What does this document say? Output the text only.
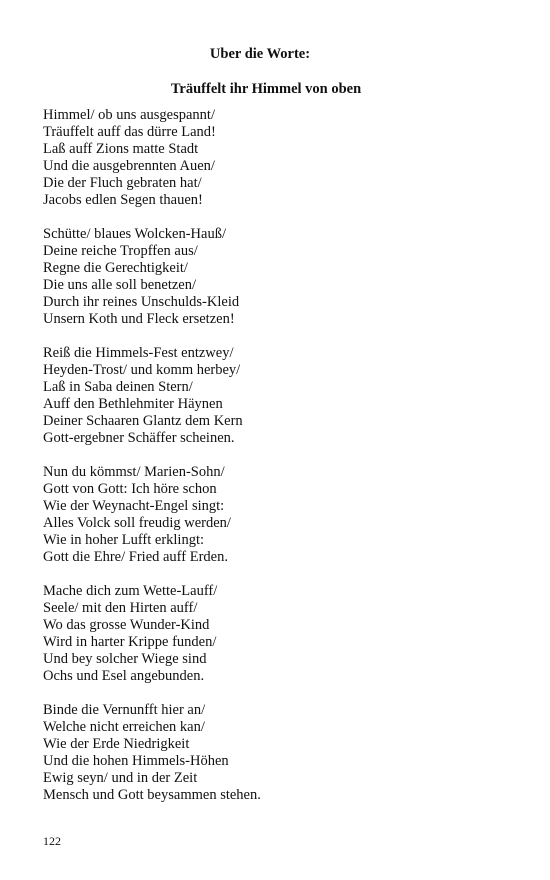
Uber die Worte:
Träuffelt ihr Himmel von oben
Himmel/ ob uns ausgespannt/
Träuffelt auff das dürre Land!
Laß auff Zions matte Stadt
Und die ausgebrennten Auen/
Die der Fluch gebraten hat/
Jacobs edlen Segen thauen!
Schütte/ blaues Wolcken-Hauß/
Deine reiche Tropffen aus/
Regne die Gerechtigkeit/
Die uns alle soll benetzen/
Durch ihr reines Unschulds-Kleid
Unsern Koth und Fleck ersetzen!
Reiß die Himmels-Fest entzwey/
Heyden-Trost/ und komm herbey/
Laß in Saba deinen Stern/
Auff den Bethlehmiter Häynen
Deiner Schaaren Glantz dem Kern
Gott-ergebner Schäffer scheinen.
Nun du kömmst/ Marien-Sohn/
Gott von Gott: Ich höre schon
Wie der Weynacht-Engel singt:
Alles Volck soll freudig werden/
Wie in hoher Lufft erklingt:
Gott die Ehre/ Fried auff Erden.
Mache dich zum Wette-Lauff/
Seele/ mit den Hirten auff/
Wo das grosse Wunder-Kind
Wird in harter Krippe funden/
Und bey solcher Wiege sind
Ochs und Esel angebunden.
Binde die Vernunfft hier an/
Welche nicht erreichen kan/
Wie der Erde Niedrigkeit
Und die hohen Himmels-Höhen
Ewig seyn/ und in der Zeit
Mensch und Gott beysammen stehen.
122
